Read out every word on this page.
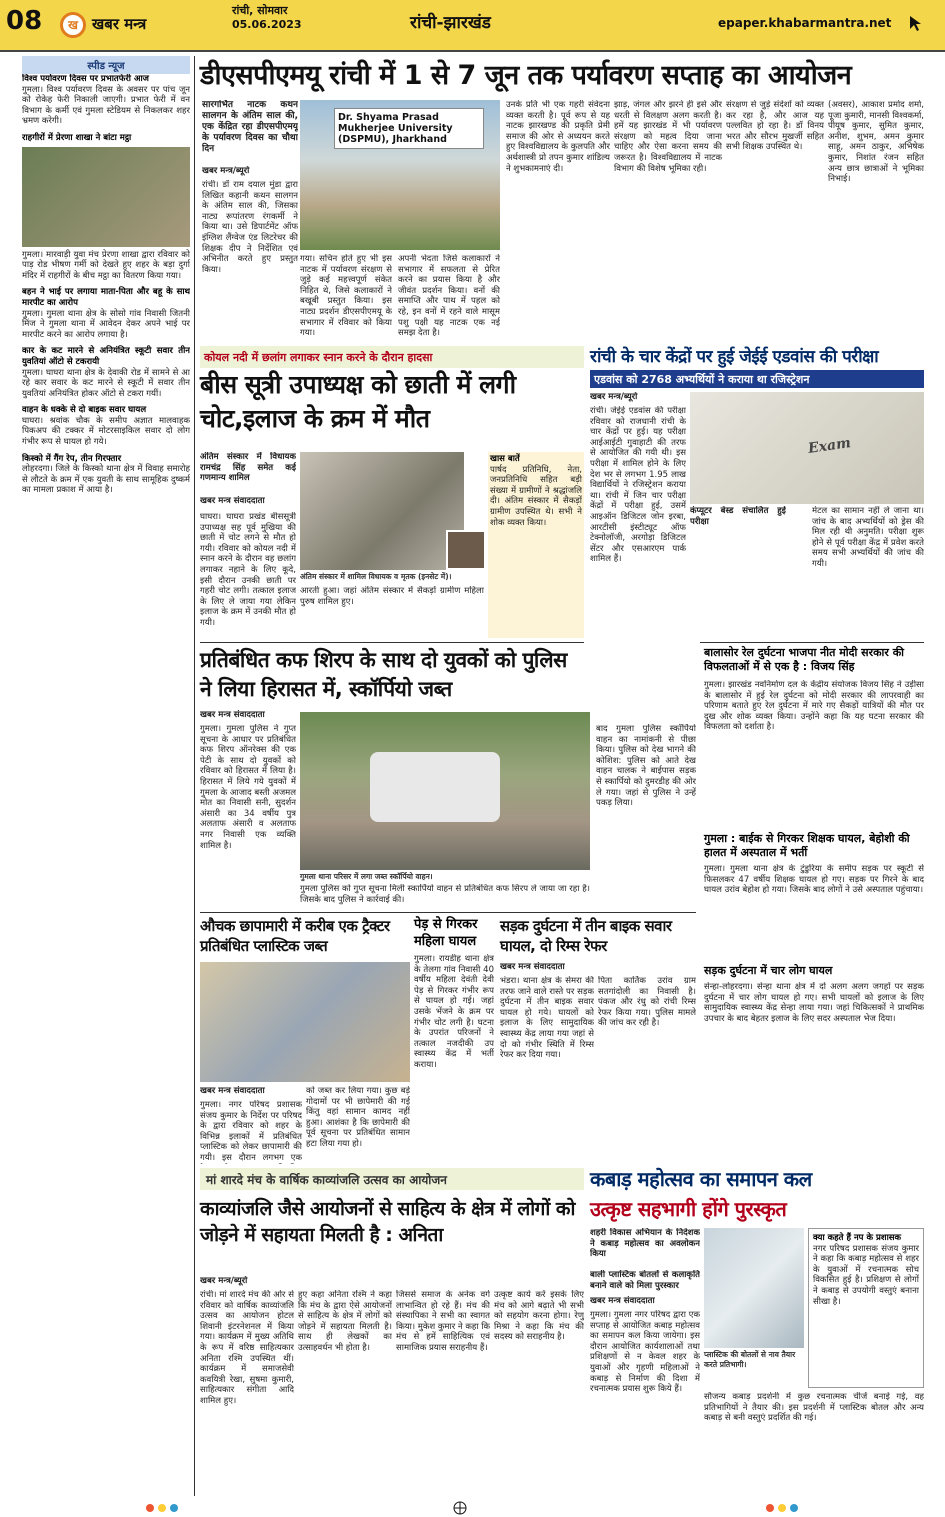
08	ख खबर मन्त्र
रांची, सोमवार
05.06.2023	रांची-झारखंड	epaper.khabarmantra.net
स्पीड न्यूज
विश्व पर्यावरण दिवस पर प्रभातफेरी आज
गुमला। विश्व पर्यावरण दिवस के अवसर पर पांच जून को रोकेह फेरी निकाली जाएगी। प्रभात फेरी में वन विभाग के कर्मी एवं गुमला स्टेडियम से निकलकर शहर भ्रमण करेगी।
राहगीरों में प्रेरणा शाखा ने बांटा मट्ठा
गुमला। मारवाड़ी युवा मंच प्रेरणा शाखा द्वारा रविवार को पाड़ रोड भीषण गर्मी को देखते हुए शहर के बड़ा दुर्गा मंदिर में राहगीरों के बीच मट्ठा का वितरण किया गया।
बहन ने भाई पर लगाया माता-पिता और बहू के साथ मारपीट का आरोप
गुमला। गुमला थाना क्षेत्र के सोसो गांव निवासी जितनी मिंज ने गुमला थाना में आवेदन देकर अपने भाई पर मारपीट करने का आरोप लगाया है।
कार के कट मारने से अनियंत्रित स्कूटी सवार तीन युवतियां ऑटो से टकरायी
गुमला। घाघरा थाना क्षेत्र के देवाकी रोड में सामने से आ रहे कार सवार के कट मारने से स्कूटी में सवार तीन युवतियां अनियंत्रित होकर ऑटो से टकरा गयीं।
वाहन के धक्के से दो बाइक सवार घायल
घाघरा। श्रवांक चौक के समीप अज्ञात मालवाहक पिकअप की टक्कर में मोटरसाइकिल सवार दो लोग गंभीर रूप से घायल हो गये।
किस्को में गैंग रेप, तीन गिरफ्तार
लोहरदगा। जिले के किस्को थाना क्षेत्र में विवाह समारोह से लौटते के क्रम में एक युवती के साथ सामूहिक दुष्कर्म का मामला प्रकाश में आया है।
डीएसपीएमयू रांची में 1 से 7 जून तक पर्यावरण सप्ताह का आयोजन
सारगर्भित नाटक कथन सालगन के अंतिम साल की, एक केंद्रित रहा डीएसपीएमयू के पर्यावरण दिवस का चौथा दिन
खबर मन्त्र/ब्यूरो
रांची। डॉ राम दयाल मुंडा द्वारा लिखित कहानी कथन सालगन के अंतिम साल की, जिसका नाट्य रूपांतरण रंगकर्मी ने किया था। उसे डिपार्टमेंट ऑफ इंग्लिश लैंग्वेज एंड लिटरेचर की शिक्षक दीप ने निर्देशित एवं अभिनीत करते हुए प्रस्तुत किया।
Dr. Shyama Prasad Mukherjee University (DSPMU), Jharkhand
गया। सचिन होते हुए भी इस नाटक में पर्यावरण संरक्षण से जुड़े कई महत्त्वपूर्ण संकेत निहित थे, जिसे कलाकारों ने बखूबी प्रस्तुत किया। इस नाट्य प्रदर्शन डीएसपीएमयू के सभागार में रविवार को किया गया।
अपनी भेदता जिसे कलाकारों ने सभागार में सफलता से प्रेरित करने का प्रयास किया है और जीवंत प्रदर्शन किया। वनों की समाप्ति और पाथ में पहल को रहे, इन वनों में रहने वाले मासूम पशु पक्षी यह नाटक एक नई समझ देता है।
उनके प्रति भी एक गहरी संवेदना व्यक्त करती है। पूर्व रूप से यह नाटक झारखण्ड की प्रकृति प्रेमी समाज की ओर से अध्ययन करते हुए विश्वविद्यालय के कुलपति और अर्थशास्त्री प्रो तपन कुमार शांडिल्य ने शुभकामनाएं दी।
झाड़, जंगल और झरने ही इसे और धरती से विलक्षण अलग करती है। हमें यह झारखंड में भी पर्यावरण संरक्षण को महत्व दिया जाना चाहिए और ऐसा करना समय की जरूरत है। विश्वविद्यालय में नाटक विभाग की विशेष भूमिका रही।
संरक्षण से जुड़े संदेशों को व्यक्त कर रहा है, और आज यह पल्लवित हो रहा है। डॉ विनय भरत और सौरभ मुखर्जी सहित सभी शिक्षक उपस्थित थे।
(अवसर), आकाश प्रमोद शर्मा, पूजा कुमारी, मानसी विश्वकर्मा, पीयूष कुमार, सुमित कुमार, अनीश, शुभम, अमन कुमार साहू, अमन ठाकुर, अभिषेक कुमार, निशांत रंजन सहित अन्य छात्र छात्राओं ने भूमिका निभाई।
कोयल नदी में छलांग लगाकर स्नान करने के दौरान हादसा
बीस सूत्री उपाध्यक्ष को छाती में लगी चोट,इलाज के क्रम में मौत
अंतिम संस्कार में विधायक रामचंद्र सिंह समेत कई गणमान्य शामिल
खबर मन्त्र संवाददाता
घाघरा। घाघरा प्रखंड बीससूत्री उपाध्यक्ष सह पूर्व मुखिया की छाती में चोट लगने से मौत हो गयी। रविवार को कोयल नदी में स्नान करने के दौरान वह छलांग लगाकर नहाने के लिए कूदे, इसी दौरान उनकी छाती पर गहरी चोट लगी। तत्काल इलाज के लिए ले जाया गया लेकिन इलाज के क्रम में उनकी मौत हो गयी।
अंतिम संस्कार में शामिल विधायक व मृतक (इनसेट में)।
आरती हुआ। जहां अंतिम संस्कार में सैकड़ों ग्रामीण महिला पुरुष शामिल हुए।
खास बातें
पार्षद प्रतिनिधि, नेता, जनप्रतिनिधि सहित बड़ी संख्या में ग्रामीणों ने श्रद्धांजलि दी। अंतिम संस्कार में सैकड़ों ग्रामीण उपस्थित थे। सभी ने शोक व्यक्त किया।
रांची के चार केंद्रों पर हुई जेईई एडवांस की परीक्षा
एडवांस को 2768 अभ्यर्थियों ने कराया था रजिस्ट्रेशन
खबर मन्त्र/ब्यूरो
रांची। जेईई एडवांस की परीक्षा रविवार को राजधानी रांची के चार केंद्रों पर हुई। यह परीक्षा आईआईटी गुवाहाटी की तरफ से आयोजित की गयी थी। इस परीक्षा में शामिल होने के लिए देश भर से लगभग 1.95 लाख विद्यार्थियों ने रजिस्ट्रेशन कराया था। रांची में जिन चार परीक्षा केंद्रों में परीक्षा हुई, उसमें आइऑन डिजिटल जोन इरबा, आरटीसी इंस्टीट्यूट ऑफ टेक्नोलॉजी, अरगोड़ा डिजिटल सेंटर और एसआरएम पार्क शामिल हैं।
Exam
कंप्यूटर बेस्ड संचालित हुई परीक्षा
मेटल का सामान नहीं ले जाना था। जांच के बाद अभ्यर्थियों को ड्रेस की मिल रही थी अनुमति। परीक्षा शुरू होने से पूर्व परीक्षा केंद्र में प्रवेश करते समय सभी अभ्यर्थियों की जांच की गयी।
प्रतिबंधित कफ शिरप के साथ दो युवकों को पुलिस ने लिया हिरासत में, स्कॉर्पियो जब्त
खबर मन्त्र संवाददाता
गुमला। गुमला पुलिस ने गुप्त सूचना के आधार पर प्रतिबंधित कफ शिरप ऑनरेक्स की एक पेटी के साथ दो युवकों को रविवार को हिरासत में लिया है। हिरासत में लिये गये युवकों में गुमला के आजाद बस्ती अजमल मोत का निवासी सनी, सुदर्शन अंसारी का 34 वर्षीय पुत्र अलताफ अंसारी व अलताफ नगर निवासी एक व्यक्ति शामिल है।
गुमला थाना परिसर में लगा जब्त स्कॉर्पियो वाहन।
गुमला पुलिस को गुप्त सूचना मिली स्कार्पियो वाहन से प्रतिबंधित कफ सिरप ले जाया जा रहा है। जिसके बाद पुलिस ने कार्रवाई की।
बाद गुमला पुलिस स्कॉर्पियो वाहन का नामांकनी से पीछा किया। पुलिस को देख भागने की कोशिश: पुलिस को आते देख वाहन चालक ने बाईपास सड़क से स्कार्पियो को दुमरडीह की ओर ले गया। जहां से पुलिस ने उन्हें पकड़ लिया।
बालासोर रेल दुर्घटना भाजपा नीत मोदी सरकार की विफलताओं में से एक है : विजय सिंह
गुमला। झारखंड नवनिर्माण दल के केंद्रीय संयोजक विजय सिंह ने उड़ीसा के बालासोर में हुई रेल दुर्घटना को मोदी सरकार की लापरवाही का परिणाम बताते हुए रेल दुर्घटना में मारे गए सैकड़ों यात्रियों की मौत पर दुख और शोक व्यक्त किया। उन्होंने कहा कि यह घटना सरकार की विफलता को दर्शाता है।
गुमला : बाईक से गिरकर शिक्षक घायल, बेहोशी की हालत में अस्पताल में भर्ती
गुमला। गुमला थाना क्षेत्र के टुंडुरिया के समीप सड़क पर स्कूटी से फिसलकर 47 वर्षीय शिक्षक घायल हो गए। सड़क पर गिरने के बाद घायल उरांव बेहोश हो गया। जिसके बाद लोगों ने उसे अस्पताल पहुंचाया।
सड़क दुर्घटना में चार लोग घायल
सेन्हा-लोहरदगा। सेन्हा थाना क्षेत्र में दो अलग अलग जगहों पर सड़क दुर्घटना में चार लोग घायल हो गए। सभी घायलों को इलाज के लिए सामुदायिक स्वास्थ्य केंद्र सेन्हा लाया गया। जहां चिकित्सकों ने प्राथमिक उपचार के बाद बेहतर इलाज के लिए सदर अस्पताल भेज दिया।
औचक छापामारी में करीब एक ट्रैक्टर प्रतिबंधित प्लास्टिक जब्त
खबर मन्त्र संवाददाता
गुमला। नगर परिषद प्रशासक संजय कुमार के निर्देश पर परिषद के द्वारा रविवार को शहर के विभिन्न इलाकों में प्रतिबंधित प्लास्टिक को लेकर छापामारी की गयी। इस दौरान लगभग एक
को जब्त कर लिया गया। कुछ बड़े गोदामों पर भी छापेमारी की गई किंतु वहां सामान कामद नहीं हुआ। आशंका है कि छापेमारी की पूर्व सूचना पर प्रतिबंधित सामान हटा लिया गया हो।
पेड़ से गिरकर महिला घायल
गुमला। रायडीह थाना क्षेत्र के तेलगा गांव निवासी 40 वर्षीय महिला देवंती देवी पेड़ से गिरकर गंभीर रूप से घायल हो गई। जहां उसके भेंजने के क्रम पर गंभीर चोट लगी है। घटना के उपरांत परिजनों ने तत्काल नजदीकी उप स्वास्थ्य केंद्र में भर्ती कराया।
सड़क दुर्घटना में तीन बाइक सवार घायल, दो रिम्स रेफर
खबर मन्त्र संवाददाता
भंडरा। थाना क्षेत्र के सेमरा की तरफ जाने वाले रास्ते पर सड़क दुर्घटना में तीन बाइक सवार घायल हो गये। घायलों को इलाज के लिए सामुदायिक स्वास्थ्य केंद्र लाया गया जहां से दो को गंभीर स्थिति में रिम्स रेफर कर दिया गया।
पिता कार्तिक उरांव ग्राम सतगांदोली का निवासी है। पंकज और रंधु को रांची रिम्स रेफर किया गया। पुलिस मामले की जांच कर रही है।
मां शारदे मंच के वार्षिक काव्यांजलि उत्सव का आयोजन
काव्यांजलि जैसे आयोजनों से साहित्य के क्षेत्र में लोगों को जोड़ने में सहायता मिलती है : अनिता
खबर मन्त्र/ब्यूरो
रांची। मां शारदे मंच की ओर से रविवार को वार्षिक काव्यांजलि उत्सव का आयोजन होटल शिवानी इंटरनेशनल में किया गया। कार्यक्रम में मुख्य अतिथि के रूप में वरिष्ठ साहित्यकार अनिता रश्मि उपस्थित थीं। कार्यक्रम में समाजसेवी कवयित्री रेखा, सुषमा कुमारी, साहित्यकार संगीता आदि शामिल हुए।
हुए कहा अनिता रश्मि ने कहा कि मंच के द्वारा ऐसे आयोजनों से साहित्य के क्षेत्र में लोगों को जोड़ने में सहायता मिलती है। साथ ही लेखकों का उत्साहवर्धन भी होता है।
जिससे समाज के अनेक वर्ग लाभान्वित हो रहे हैं। मंच की संस्थापिका ने सभी का स्वागत किया। मुकेश कुमार ने कहा कि मंच से हमें साहित्यिक एवं सामाजिक प्रयास सराहनीय हैं।
उत्कृष्ट कार्य करें इसके लिए मंच को आगे बढ़ाते भी सभी को सहयोग करना होगा। रेणु मिश्रा ने कहा कि मंच की सदस्य को सराहनीय है।
कबाड़ महोत्सव का समापन कल
उत्कृष्ट सहभागी होंगे पुरस्कृत
शहरी विकास अभियान के निदेशक ने कबाड़ महोत्सव का अवलोकन किया
बाली प्लास्टिक बोतलों से कलाकृति बनाने वाले को मिला पुरस्कार
खबर मन्त्र संवाददाता
गुमला। गुमला नगर परिषद द्वारा एक सप्ताह से आयोजित कबाड़ महोत्सव का समापन कल किया जायेगा। इस दौरान आयोजित कार्यशालाओं तथा प्रशिक्षणों से न केवल शहर के युवाओं और गृहणी महिलाओं ने कबाड़ से निर्माण की दिशा में रचनात्मक प्रयास शुरू किये हैं।
प्लास्टिक की बोतलों से नाव तैयार करते प्रतिभागी।
क्या कहते हैं नप के प्रशासक
नगर परिषद प्रशासक संजय कुमार ने कहा कि कबाड़ महोत्सव से शहर के युवाओं में रचनात्मक सोच विकसित हुई है। प्रशिक्षण से लोगों ने कबाड़ से उपयोगी वस्तुएं बनाना सीखा है।
सौजन्य कबाड़ प्रदर्शनी में कुछ रचनात्मक चीजें बनाई गई, वह प्रतिभागियों ने तैयार की। इस प्रदर्शनी में प्लास्टिक बोतल और अन्य कबाड़ से बनी वस्तुएं प्रदर्शित की गई।
